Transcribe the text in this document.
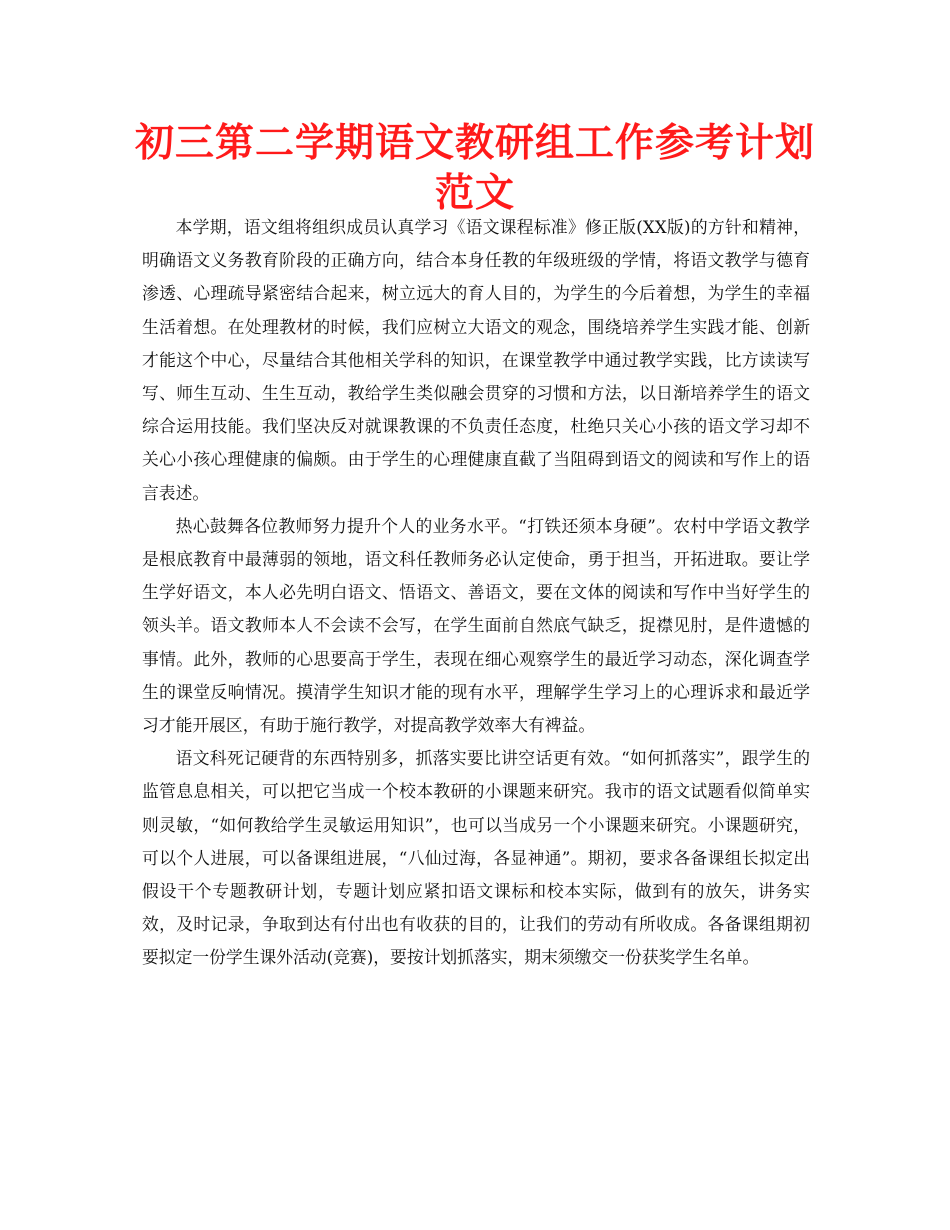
初三第二学期语文教研组工作参考计划范文

本学期，语文组将组织成员认真学习《语文课程标准》修正版(XX版)的方针和精神，明确语文义务教育阶段的正确方向，结合本身任教的年级班级的学情，将语文教学与德育渗透、心理疏导紧密结合起来，树立远大的育人目的，为学生的今后着想，为学生的幸福生活着想。在处理教材的时候，我们应树立大语文的观念，围绕培养学生实践才能、创新才能这个中心，尽量结合其他相关学科的知识，在课堂教学中通过教学实践，比方读读写写、师生互动、生生互动，教给学生类似融会贯穿的习惯和方法，以日渐培养学生的语文综合运用技能。我们坚决反对就课教课的不负责任态度，杜绝只关心小孩的语文学习却不关心小孩心理健康的偏颇。由于学生的心理健康直截了当阻碍到语文的阅读和写作上的语言表述。

热心鼓舞各位教师努力提升个人的业务水平。“打铁还须本身硬”。农村中学语文教学是根底教育中最薄弱的领地，语文科任教师务必认定使命，勇于担当，开拓进取。要让学生学好语文，本人必先明白语文、悟语文、善语文，要在文体的阅读和写作中当好学生的领头羊。语文教师本人不会读不会写，在学生面前自然底气缺乏，捉襟见肘，是件遗憾的事情。此外，教师的心思要高于学生，表现在细心观察学生的最近学习动态，深化调查学生的课堂反响情况。摸清学生知识才能的现有水平，理解学生学习上的心理诉求和最近学习才能开展区，有助于施行教学，对提高教学效率大有裨益。

语文科死记硬背的东西特别多，抓落实要比讲空话更有效。“如何抓落实”，跟学生的监管息息相关，可以把它当成一个校本教研的小课题来研究。我市的语文试题看似简单实则灵敏，“如何教给学生灵敏运用知识”，也可以当成另一个小课题来研究。小课题研究，可以个人进展，可以备课组进展，“八仙过海，各显神通”。期初，要求各备课组长拟定出假设干个专题教研计划，专题计划应紧扣语文课标和校本实际，做到有的放矢，讲务实效，及时记录，争取到达有付出也有收获的目的，让我们的劳动有所收成。各备课组期初要拟定一份学生课外活动(竞赛)，要按计划抓落实，期末须缴交一份获奖学生名单。
